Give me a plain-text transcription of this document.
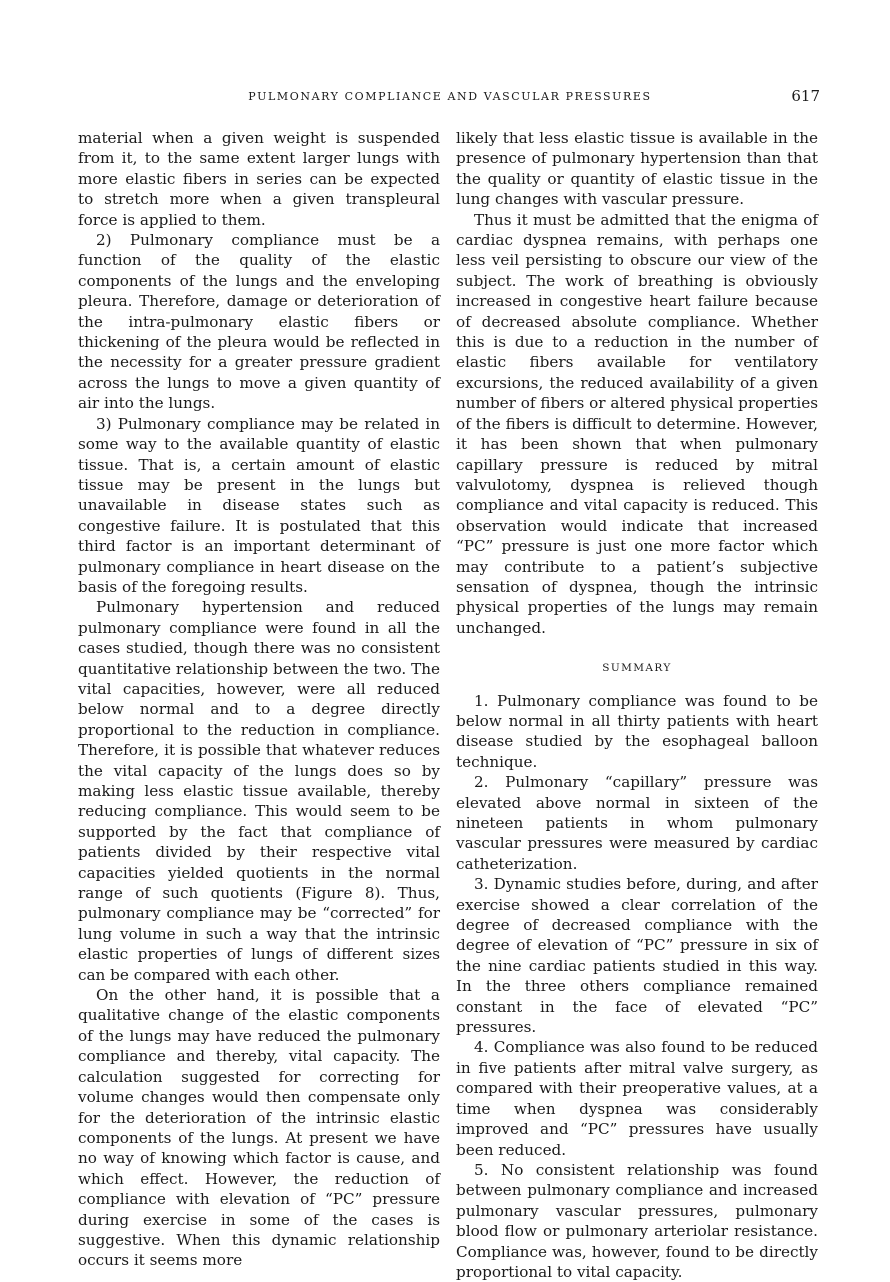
PULMONARY COMPLIANCE AND VASCULAR PRESSURES	617

material when a given weight is suspended from it, to the same extent larger lungs with more elastic fibers in series can be expected to stretch more when a given transpleural force is applied to them.

2) Pulmonary compliance must be a function of the quality of the elastic components of the lungs and the enveloping pleura. Therefore, damage or deterioration of the intra-pulmonary elastic fibers or thickening of the pleura would be reflected in the necessity for a greater pressure gradient across the lungs to move a given quantity of air into the lungs.

3) Pulmonary compliance may be related in some way to the available quantity of elastic tissue. That is, a certain amount of elastic tissue may be present in the lungs but unavailable in disease states such as congestive failure. It is postulated that this third factor is an important determinant of pulmonary compliance in heart disease on the basis of the foregoing results.

Pulmonary hypertension and reduced pulmonary compliance were found in all the cases studied, though there was no consistent quantitative relationship between the two. The vital capacities, however, were all reduced below normal and to a degree directly proportional to the reduction in compliance. Therefore, it is possible that whatever reduces the vital capacity of the lungs does so by making less elastic tissue available, thereby reducing compliance. This would seem to be supported by the fact that compliance of patients divided by their respective vital capacities yielded quotients in the normal range of such quotients (Figure 8). Thus, pulmonary compliance may be “corrected” for lung volume in such a way that the intrinsic elastic properties of lungs of different sizes can be compared with each other.

On the other hand, it is possible that a qualitative change of the elastic components of the lungs may have reduced the pulmonary compliance and thereby, vital capacity. The calculation suggested for correcting for volume changes would then compensate only for the deterioration of the intrinsic elastic components of the lungs. At present we have no way of knowing which factor is cause, and which effect. However, the reduction of compliance with elevation of “PC” pressure during exercise in some of the cases is suggestive. When this dynamic relationship occurs it seems more

likely that less elastic tissue is available in the presence of pulmonary hypertension than that the quality or quantity of elastic tissue in the lung changes with vascular pressure.

Thus it must be admitted that the enigma of cardiac dyspnea remains, with perhaps one less veil persisting to obscure our view of the subject. The work of breathing is obviously increased in congestive heart failure because of decreased absolute compliance. Whether this is due to a reduction in the number of elastic fibers available for ventilatory excursions, the reduced availability of a given number of fibers or altered physical properties of the fibers is difficult to determine. However, it has been shown that when pulmonary capillary pressure is reduced by mitral valvulotomy, dyspnea is relieved though compliance and vital capacity is reduced. This observation would indicate that increased “PC” pressure is just one more factor which may contribute to a patient’s subjective sensation of dyspnea, though the intrinsic physical properties of the lungs may remain unchanged.

SUMMARY

1. Pulmonary compliance was found to be below normal in all thirty patients with heart disease studied by the esophageal balloon technique.

2. Pulmonary “capillary” pressure was elevated above normal in sixteen of the nineteen patients in whom pulmonary vascular pressures were measured by cardiac catheterization.

3. Dynamic studies before, during, and after exercise showed a clear correlation of the degree of decreased compliance with the degree of elevation of “PC” pressure in six of the nine cardiac patients studied in this way. In the three others compliance remained constant in the face of elevated “PC” pressures.

4. Compliance was also found to be reduced in five patients after mitral valve surgery, as compared with their preoperative values, at a time when dyspnea was considerably improved and “PC” pressures have usually been reduced.

5. No consistent relationship was found between pulmonary compliance and increased pulmonary vascular pressures, pulmonary blood flow or pulmonary arteriolar resistance. Compliance was, however, found to be directly proportional to vital capacity.
